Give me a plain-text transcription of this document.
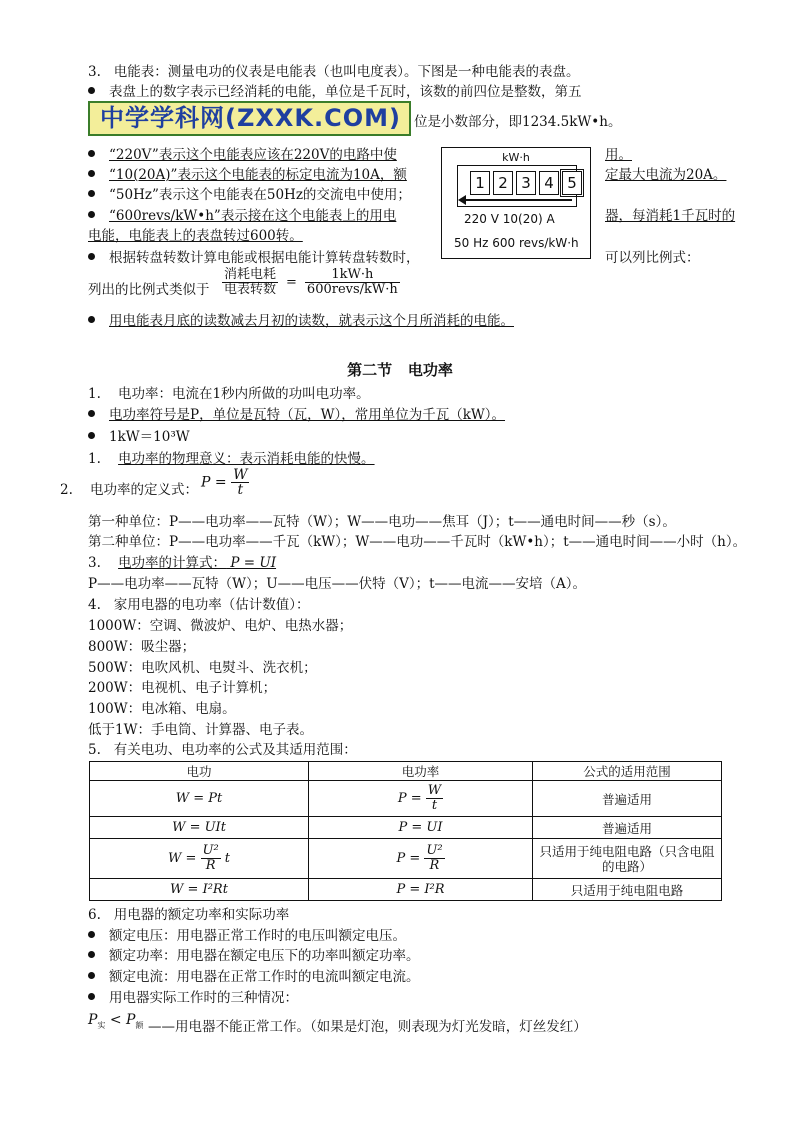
3.   电能表：测量电功的仪表是电能表（也叫电度表）。下图是一种电能表的表盘。
表盘上的数字表示已经消耗的电能，单位是千瓦时，该数的前四位是整数，第五
中学学科网(ZXXK.COM) 位是小数部分，即1234.5kW•h。
“220V”表示这个电能表应该在220V的电路中使	用。
“10(20A)”表示这个电能表的标定电流为10A，额	定最大电流为20A。
“50Hz”表示这个电能表在50Hz的交流电中使用；
“600revs/kW•h”表示接在这个电能表上的用电	器，每消耗1千瓦时的
电能，电能表上的表盘转过600转。
根据转盘转数计算电能或根据电能计算转盘转数时，	可以列比例式：
列出的比例式类似于 $\frac{\text{消耗电耗}}{\text{电表转数}} = \frac{1kW\cdot h}{\text{600revs/kW·h}}$
用电能表月底的读数减去月初的读数，就表示这个月所消耗的电能。
kW·h
1 2 3 4 5
220 V 10(20) A
50 Hz 600 revs/kW·h
第二节   电功率
1.    电功率：电流在1秒内所做的功叫电功率。
电功率符号是P，单位是瓦特（瓦，W），常用单位为千瓦（kW）。
1kW＝10³W
1. 电功率的物理意义：表示消耗电能的快慢。
2.    电功率的定义式： $P = \frac{W}{t}$
第一种单位：P——电功率——瓦特（W）；W——电功——焦耳（J）；t——通电时间——秒（s）。
第二种单位：P——电功率——千瓦（kW）；W——电功——千瓦时（kW•h）；t——通电时间——小时（h）。
3. 电功率的计算式： P = UI
P——电功率——瓦特（W）；U——电压——伏特（V）；t——电流——安培（A）。
4.   家用电器的电功率（估计数值）：
1000W：空调、微波炉、电炉、电热水器；
800W：吸尘器；
500W：电吹风机、电熨斗、洗衣机；
200W：电视机、电子计算机；
100W：电冰箱、电扇。
低于1W：手电筒、计算器、电子表。
5.   有关电功、电功率的公式及其适用范围：
电功	电功率	公式的适用范围
W = Pt	$P = \frac{W}{t}$	普遍适用
W = UIt	P = UI	普遍适用
$W = \frac{\text{U²}}{R}$ t	$P = \frac{\text{U²}}{R}$	只适用于纯电阻电路（只含电阻的电路）
W = I²Rt	P = I²R	只适用于纯电阻电路
6.   用电器的额定功率和实际功率
额定电压：用电器正常工作时的电压叫额定电压。
额定功率：用电器在额定电压下的功率叫额定功率。
额定电流：用电器在正常工作时的电流叫额定电流。
用电器实际工作时的三种情况：
$P_实 < P_额$ ——用电器不能正常工作。（如果是灯泡，则表现为灯光发暗，灯丝发红）
